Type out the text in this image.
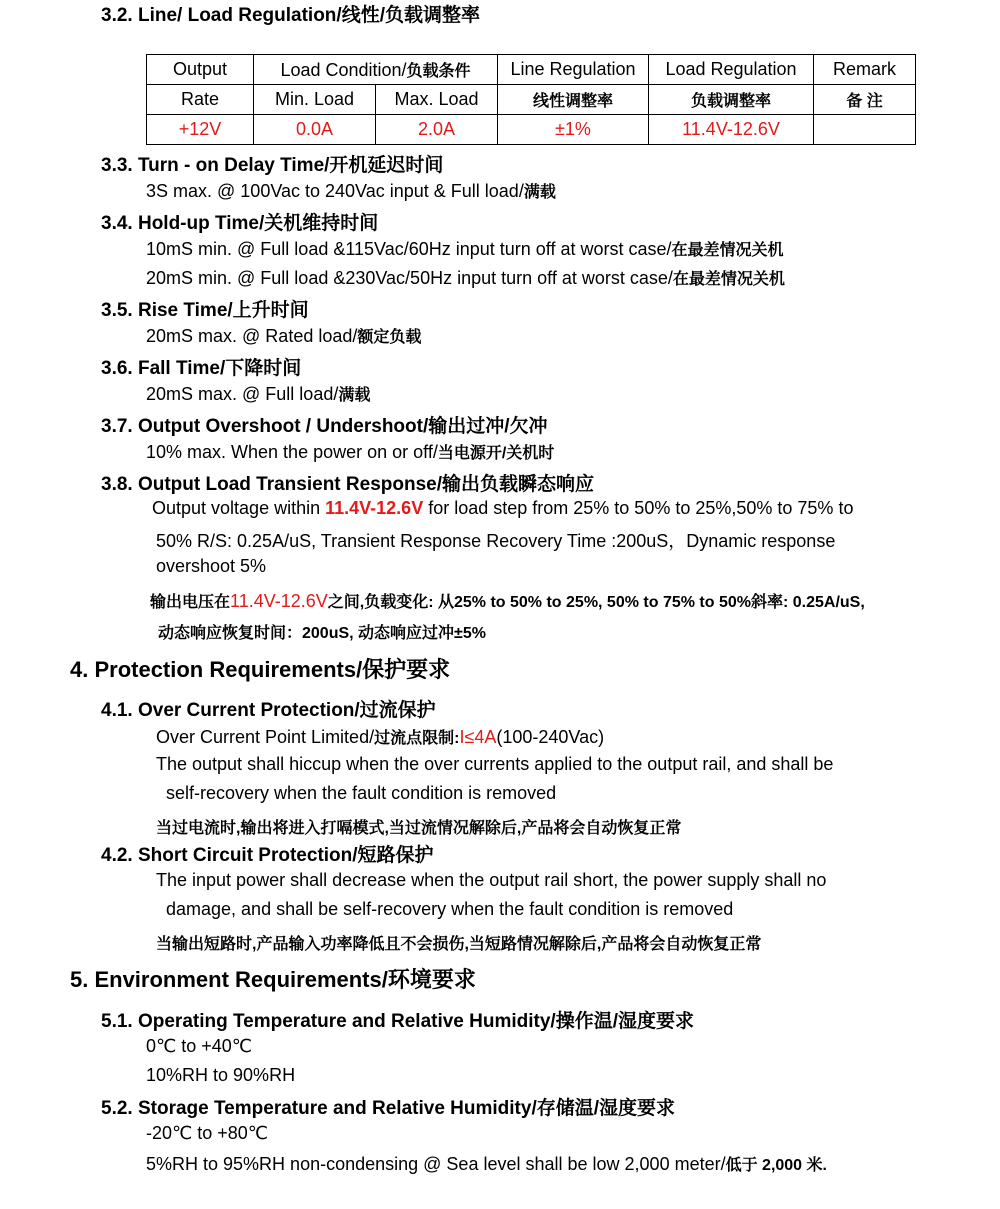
3.2. Line/ Load Regulation/线性/负载调整率
Output	Load Condition/负载条件		Line Regulation	Load Regulation	Remark
Rate	Min. Load	Max. Load	线性调整率	负载调整率	备 注
+12V	0.0A	2.0A	±1%	11.4V-12.6V	
3.3. Turn - on Delay Time/开机延迟时间
3S max. @ 100Vac to 240Vac input & Full load/满载
3.4. Hold-up Time/关机维持时间
10mS min. @ Full load &115Vac/60Hz input turn off at worst case/在最差情况关机
20mS min. @ Full load &230Vac/50Hz input turn off at worst case/在最差情况关机
3.5. Rise Time/上升时间
20mS max. @ Rated load/额定负载
3.6. Fall Time/下降时间
20mS max. @ Full load/满载
3.7. Output Overshoot / Undershoot/输出过冲/欠冲
10% max. When the power on or off/当电源开/关机时
3.8. Output Load Transient Response/输出负载瞬态响应
Output voltage within 11.4V-12.6V for load step from 25% to 50% to 25%,50% to 75% to
50% R/S: 0.25A/uS, Transient Response Recovery Time :200uS，Dynamic response
overshoot 5%
输出电压在11.4V-12.6V之间,负载变化: 从25% to 50% to 25%, 50% to 75% to 50%斜率: 0.25A/uS,
动态响应恢复时间：200uS, 动态响应过冲±5%
4. Protection Requirements/保护要求
4.1. Over Current Protection/过流保护
Over Current Point Limited/过流点限制:I≤4A(100-240Vac)
The output shall hiccup when the over currents applied to the output rail, and shall be
self-recovery when the fault condition is removed
当过电流时,输出将进入打嗝模式,当过流情况解除后,产品将会自动恢复正常
4.2. Short Circuit Protection/短路保护
The input power shall decrease when the output rail short, the power supply shall no
damage, and shall be self-recovery when the fault condition is removed
当输出短路时,产品输入功率降低且不会损伤,当短路情况解除后,产品将会自动恢复正常
5. Environment Requirements/环境要求
5.1. Operating Temperature and Relative Humidity/操作温/湿度要求
0℃ to +40℃
10%RH to 90%RH
5.2. Storage Temperature and Relative Humidity/存储温/湿度要求
-20℃ to +80℃
5%RH to 95%RH non-condensing @ Sea level shall be low 2,000 meter/低于 2,000 米.
